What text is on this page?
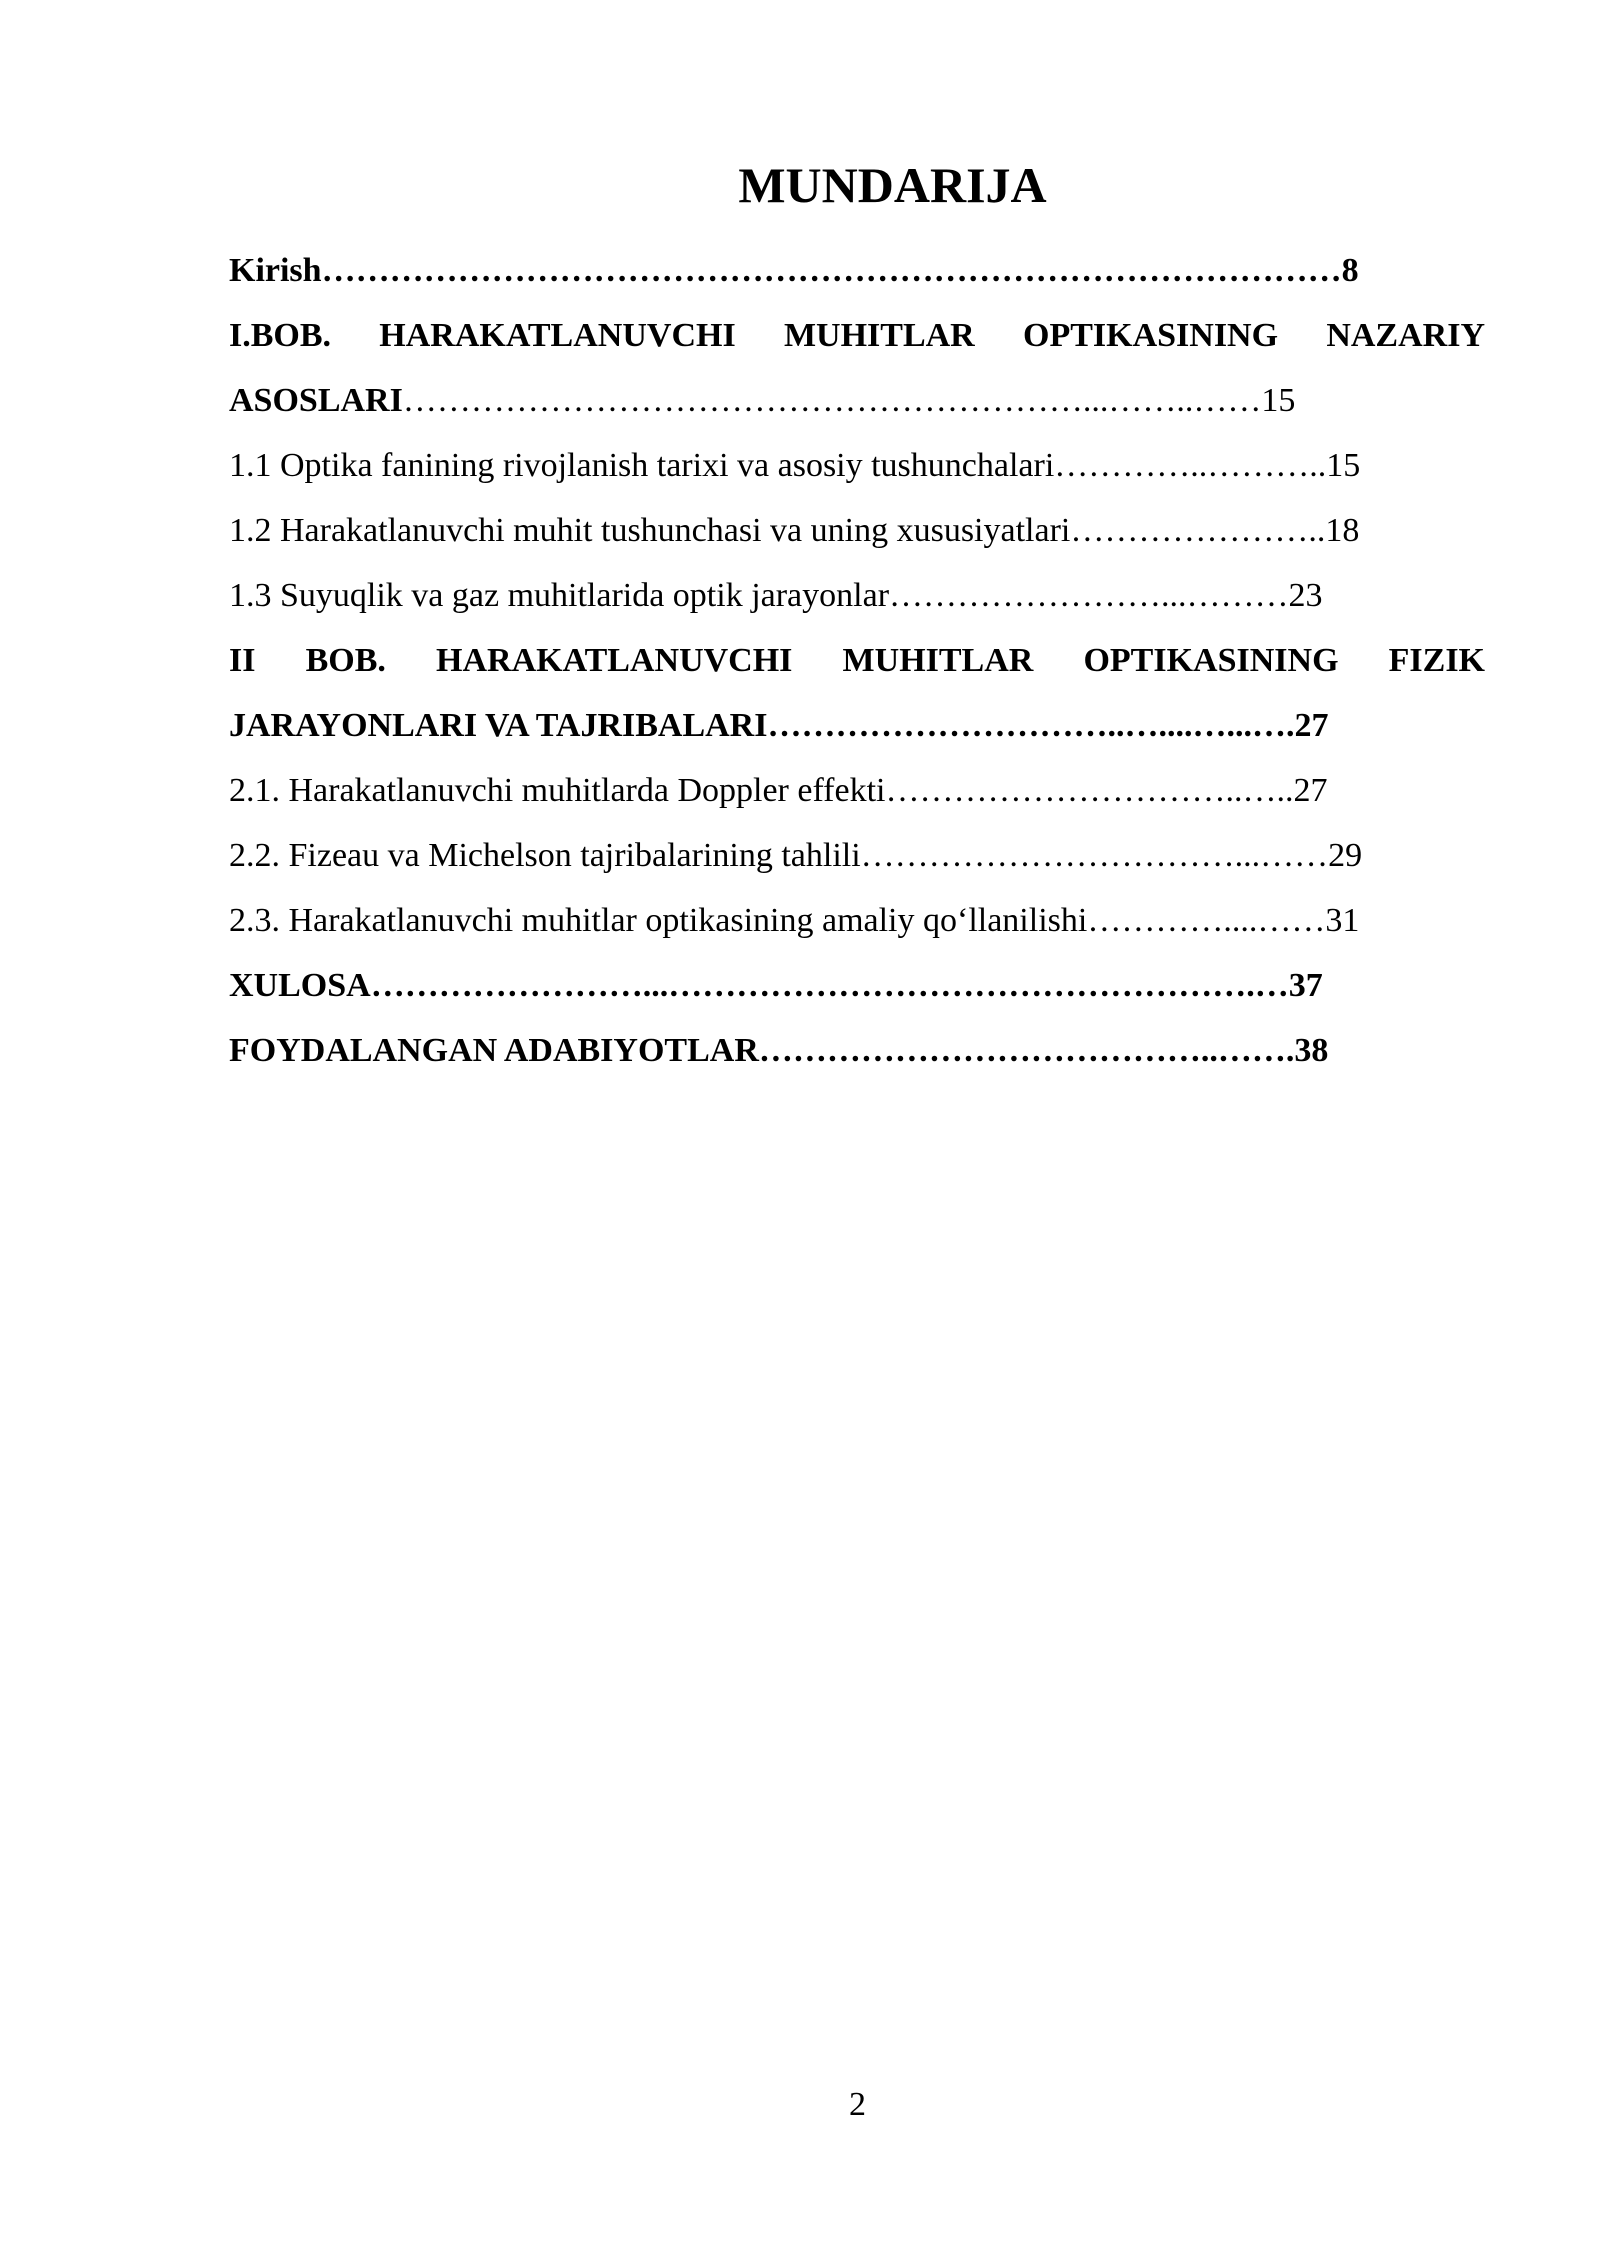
MUNDARIJA
Kirish………………………………………………………………………………8
I.BOB. HARAKATLANUVCHI MUHITLAR OPTIKASINING NAZARIY
ASOSLARI……………………………………………………...……..……15
1.1 Optika fanining rivojlanish tarixi va asosiy tushunchalari…………..………..15
1.2 Harakatlanuvchi muhit tushunchasi va uning xususiyatlari…………………..18
1.3 Suyuqlik va gaz muhitlarida optik jarayonlar……………………...………23
II BOB. HARAKATLANUVCHI MUHITLAR OPTIKASINING FIZIK
JARAYONLARI VA TAJRIBALARI…………………………..…....…...….27
2.1. Harakatlanuvchi muhitlarda Doppler effekti…………………………..…..27
2.2. Fizeau va Michelson tajribalarining tahlili……………………………...……29
2.3. Harakatlanuvchi muhitlar optikasining amaliy qo‘llanilishi…………....……31
XULOSA……………………...…………………………………………….…37
FOYDALANGAN ADABIYOTLAR…………………………………..…….38
2
